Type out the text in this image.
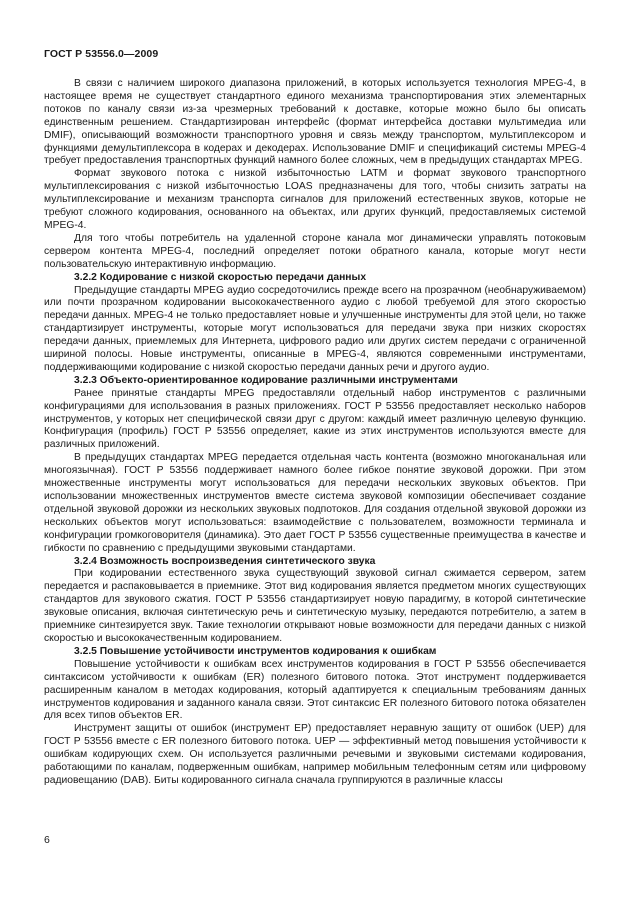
ГОСТ Р 53556.0—2009

В связи с наличием широкого диапазона приложений, в которых используется технология MPEG-4, в настоящее время не существует стандартного единого механизма транспортирования этих элементарных потоков по каналу связи из-за чрезмерных требований к доставке, которые можно было бы описать единственным решением. Стандартизирован интерфейс (формат интерфейса доставки мультимедиа или DMIF), описывающий возможности транспортного уровня и связь между транспортом, мультиплексором и функциями демультиплексора в кодерах и декодерах. Использование DMIF и спецификаций системы MPEG-4 требует предоставления транспортных функций намного более сложных, чем в предыдущих стандартах MPEG.

Формат звукового потока с низкой избыточностью LATM и формат звукового транспортного мультиплексирования с низкой избыточностью LOAS предназначены для того, чтобы снизить затраты на мультиплексирование и механизм транспорта сигналов для приложений естественных звуков, которые не требуют сложного кодирования, основанного на объектах, или других функций, предоставляемых системой MPEG-4.

Для того чтобы потребитель на удаленной стороне канала мог динамически управлять потоковым сервером контента MPEG-4, последний определяет потоки обратного канала, которые могут нести пользовательскую интерактивную информацию.

3.2.2 Кодирование с низкой скоростью передачи данных

Предыдущие стандарты MPEG аудио сосредоточились прежде всего на прозрачном (необнаруживаемом) или почти прозрачном кодировании высококачественного аудио с любой требуемой для этого скоростью передачи данных. MPEG-4 не только предоставляет новые и улучшенные инструменты для этой цели, но также стандартизирует инструменты, которые могут использоваться для передачи звука при низких скоростях передачи данных, приемлемых для Интернета, цифрового радио или других систем передачи с ограниченной шириной полосы. Новые инструменты, описанные в MPEG-4, являются современными инструментами, поддерживающими кодирование с низкой скоростью передачи данных речи и другого аудио.

3.2.3 Объекто-ориентированное кодирование различными инструментами

Ранее принятые стандарты MPEG предоставляли отдельный набор инструментов с различными конфигурациями для использования в разных приложениях. ГОСТ Р 53556 предоставляет несколько наборов инструментов, у которых нет специфической связи друг с другом: каждый имеет различную целевую функцию. Конфигурация (профиль) ГОСТ Р 53556 определяет, какие из этих инструментов используются вместе для различных приложений.

В предыдущих стандартах MPEG передается отдельная часть контента (возможно многоканальная или многоязычная). ГОСТ Р 53556 поддерживает намного более гибкое понятие звуковой дорожки. При этом множественные инструменты могут использоваться для передачи нескольких звуковых объектов. При использовании множественных инструментов вместе система звуковой композиции обеспечивает создание отдельной звуковой дорожки из нескольких звуковых подпотоков. Для создания отдельной звуковой дорожки из нескольких объектов могут использоваться: взаимодействие с пользователем, возможности терминала и конфигурации громкоговорителя (динамика). Это дает ГОСТ Р 53556 существенные преимущества в качестве и гибкости по сравнению с предыдущими звуковыми стандартами.

3.2.4 Возможность воспроизведения синтетического звука

При кодировании естественного звука существующий звуковой сигнал сжимается сервером, затем передается и распаковывается в приемнике. Этот вид кодирования является предметом многих существующих стандартов для звукового сжатия. ГОСТ Р 53556 стандартизирует новую парадигму, в которой синтетические звуковые описания, включая синтетическую речь и синтетическую музыку, передаются потребителю, а затем в приемнике синтезируется звук. Такие технологии открывают новые возможности для передачи данных с низкой скоростью и высококачественным кодированием.

3.2.5 Повышение устойчивости инструментов кодирования к ошибкам

Повышение устойчивости к ошибкам всех инструментов кодирования в ГОСТ Р 53556 обеспечивается синтаксисом устойчивости к ошибкам (ER) полезного битового потока. Этот инструмент поддерживается расширенным каналом в методах кодирования, который адаптируется к специальным требованиям данных инструментов кодирования и заданного канала связи. Этот синтаксис ER полезного битового потока обязателен для всех типов объектов ER.

Инструмент защиты от ошибок (инструмент EP) предоставляет неравную защиту от ошибок (UEP) для ГОСТ Р 53556 вместе с ER полезного битового потока. UEP — эффективный метод повышения устойчивости к ошибкам кодирующих схем. Он используется различными речевыми и звуковыми системами кодирования, работающими по каналам, подверженным ошибкам, например мобильным телефонным сетям или цифровому радиовещанию (DAB). Биты кодированного сигнала сначала группируются в различные классы

6
